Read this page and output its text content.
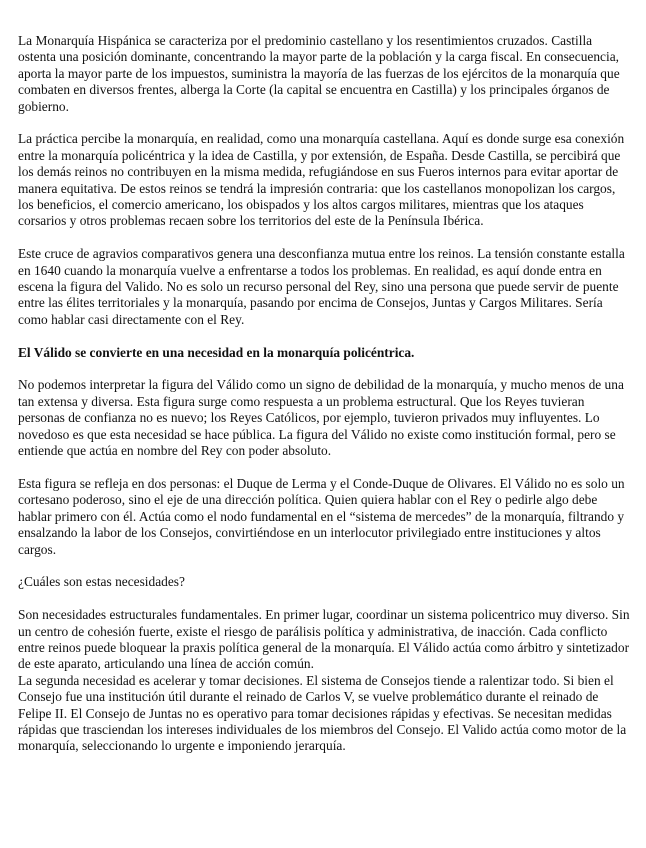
La Monarquía Hispánica se caracteriza por el predominio castellano y los resentimientos cruzados. Castilla ostenta una posición dominante, concentrando la mayor parte de la población y la carga fiscal. En consecuencia, aporta la mayor parte de los impuestos, suministra la mayoría de las fuerzas de los ejércitos de la monarquía que combaten en diversos frentes, alberga la Corte (la capital se encuentra en Castilla) y los principales órganos de gobierno.

La práctica percibe la monarquía, en realidad, como una monarquía castellana. Aquí es donde surge esa conexión entre la monarquía policéntrica y la idea de Castilla, y por extensión, de España. Desde Castilla, se percibirá que los demás reinos no contribuyen en la misma medida, refugiándose en sus Fueros internos para evitar aportar de manera equitativa. De estos reinos se tendrá la impresión contraria: que los castellanos monopolizan los cargos, los beneficios, el comercio americano, los obispados y los altos cargos militares, mientras que los ataques corsarios y otros problemas recaen sobre los territorios del este de la Península Ibérica.

Este cruce de agravios comparativos genera una desconfianza mutua entre los reinos. La tensión constante estalla en 1640 cuando la monarquía vuelve a enfrentarse a todos los problemas. En realidad, es aquí donde entra en escena la figura del Valido. No es solo un recurso personal del Rey, sino una persona que puede servir de puente entre las élites territoriales y la monarquía, pasando por encima de Consejos, Juntas y Cargos Militares. Sería como hablar casi directamente con el Rey.

El Válido se convierte en una necesidad en la monarquía policéntrica.

No podemos interpretar la figura del Válido como un signo de debilidad de la monarquía, y mucho menos de una tan extensa y diversa. Esta figura surge como respuesta a un problema estructural. Que los Reyes tuvieran personas de confianza no es nuevo; los Reyes Católicos, por ejemplo, tuvieron privados muy influyentes. Lo novedoso es que esta necesidad se hace pública. La figura del Válido no existe como institución formal, pero se entiende que actúa en nombre del Rey con poder absoluto.

Esta figura se refleja en dos personas: el Duque de Lerma y el Conde-Duque de Olivares. El Válido no es solo un cortesano poderoso, sino el eje de una dirección política. Quien quiera hablar con el Rey o pedirle algo debe hablar primero con él. Actúa como el nodo fundamental en el “sistema de mercedes” de la monarquía, filtrando y ensalzando la labor de los Consejos, convirtiéndose en un interlocutor privilegiado entre instituciones y altos cargos.

¿Cuáles son estas necesidades?

Son necesidades estructurales fundamentales. En primer lugar, coordinar un sistema policentrico muy diverso. Sin un centro de cohesión fuerte, existe el riesgo de parálisis política y administrativa, de inacción. Cada conflicto entre reinos puede bloquear la praxis política general de la monarquía. El Válido actúa como árbitro y sintetizador de este aparato, articulando una línea de acción común.

La segunda necesidad es acelerar y tomar decisiones. El sistema de Consejos tiende a ralentizar todo. Si bien el Consejo fue una institución útil durante el reinado de Carlos V, se vuelve problemático durante el reinado de Felipe II. El Consejo de Juntas no es operativo para tomar decisiones rápidas y efectivas. Se necesitan medidas rápidas que trasciendan los intereses individuales de los miembros del Consejo. El Valido actúa como motor de la monarquía, seleccionando lo urgente e imponiendo jerarquía.
